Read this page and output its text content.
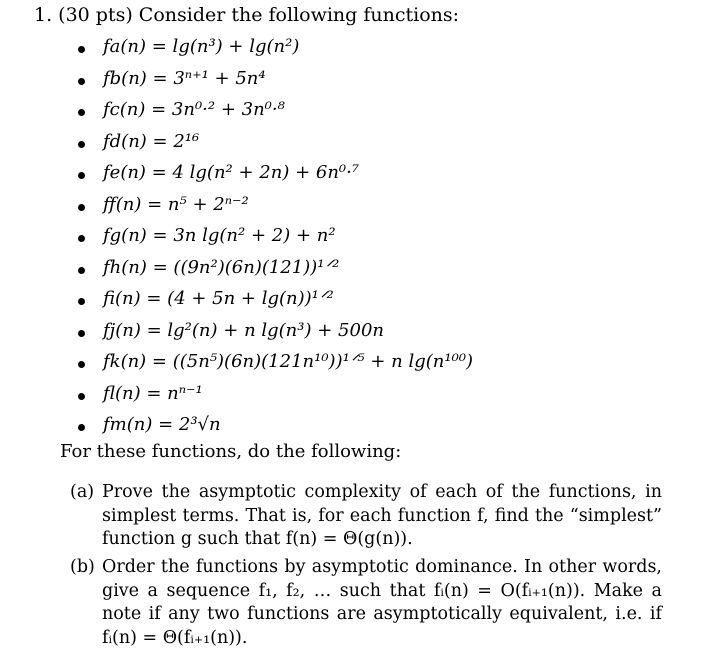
1. (30 pts) Consider the following functions:
fa(n) = lg(n³) + lg(n²)
fb(n) = 3ⁿ⁺¹ + 5n⁴
fc(n) = 3n⁰·² + 3n⁰·⁸
fd(n) = 2¹⁶
fe(n) = 4 lg(n² + 2n) + 6n⁰·⁷
ff(n) = n⁵ + 2ⁿ⁻²
fg(n) = 3n lg(n² + 2) + n²
fh(n) = ((9n²)(6n)(121))¹ᐟ²
fi(n) = (4 + 5n + lg(n))¹ᐟ²
fj(n) = lg²(n) + n lg(n³) + 500n
fk(n) = ((5n⁵)(6n)(121n¹⁰))¹ᐟ⁵ + n lg(n¹⁰⁰)
fl(n) = nⁿ⁻¹
fm(n) = 2³√n
For these functions, do the following:
(a) Prove the asymptotic complexity of each of the functions, in simplest terms. That is, for each function f, find the “simplest” function g such that f(n) = Θ(g(n)).
(b) Order the functions by asymptotic dominance. In other words, give a sequence f₁, f₂, … such that fᵢ(n) = O(fᵢ₊₁(n)). Make a note if any two functions are asymptotically equivalent, i.e. if fᵢ(n) = Θ(fᵢ₊₁(n)).
